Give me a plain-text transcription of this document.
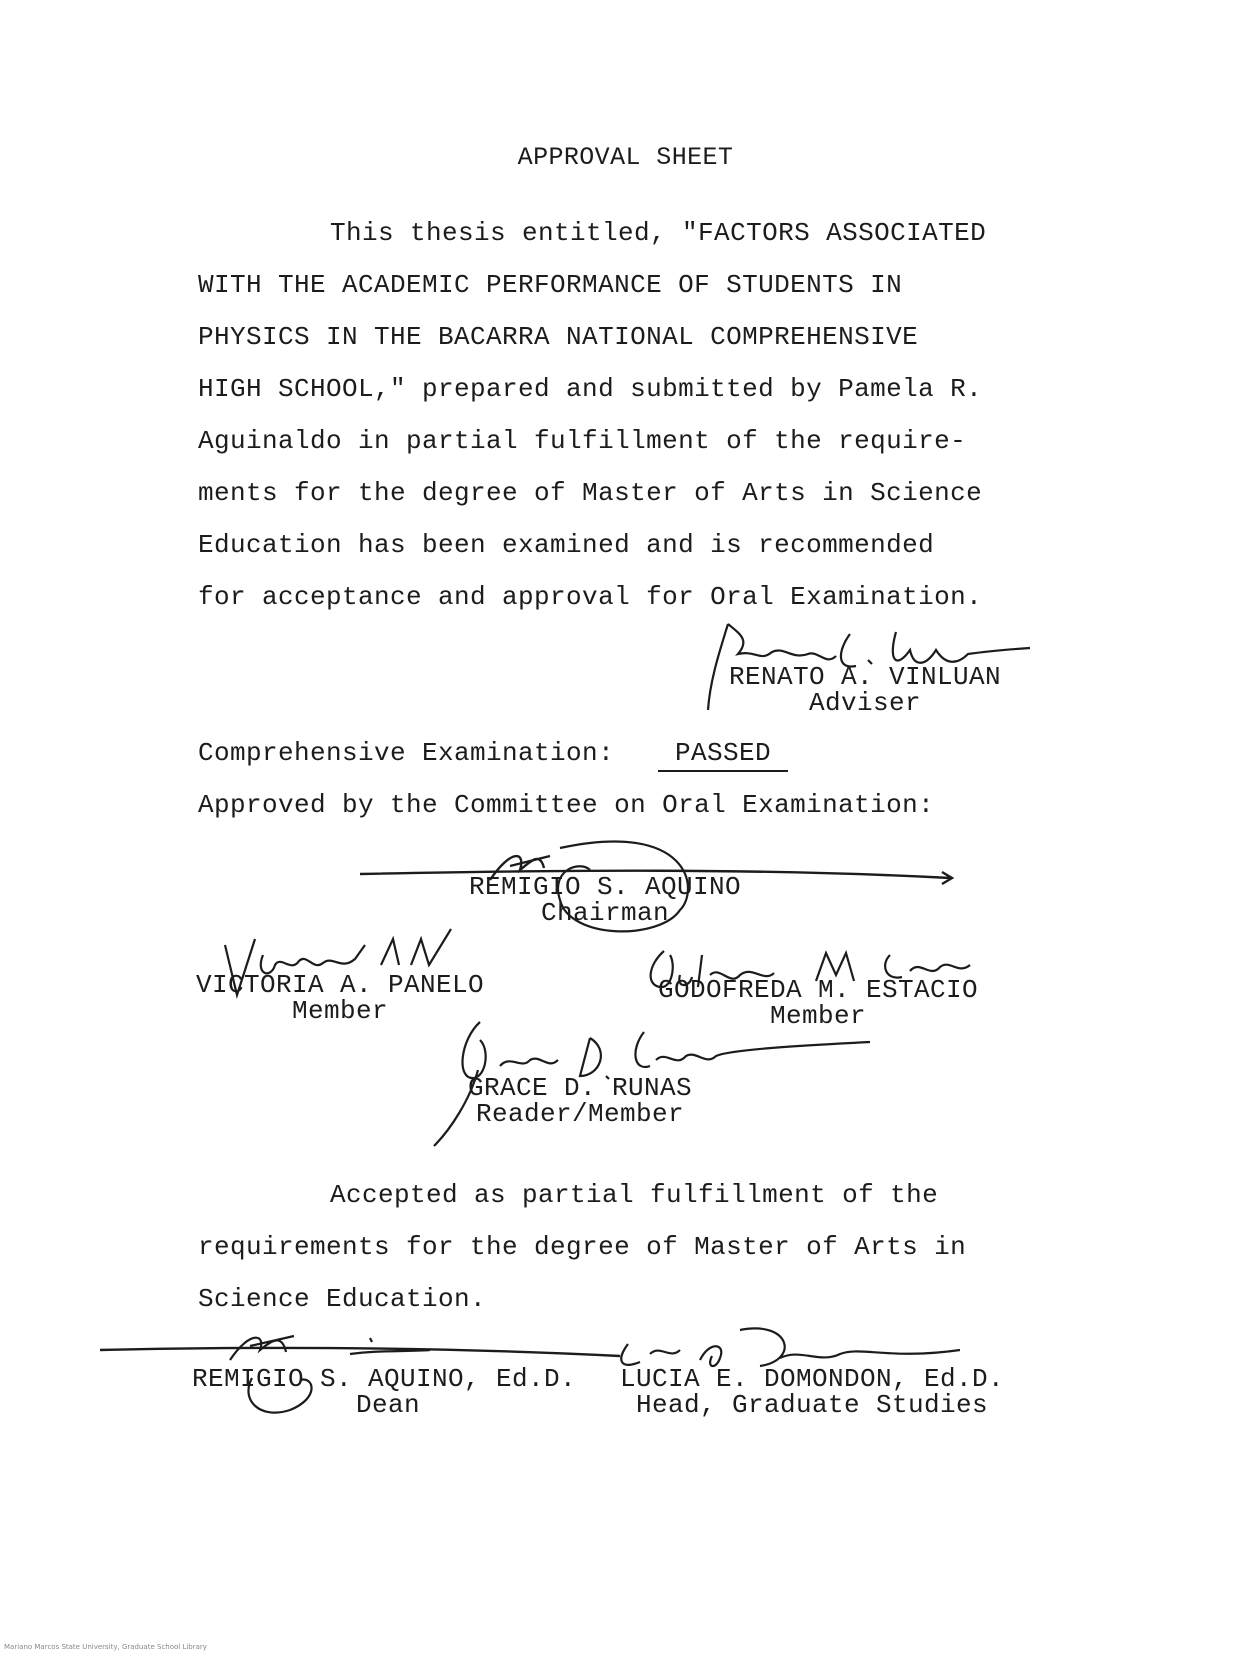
APPROVAL SHEET
This thesis entitled, "FACTORS ASSOCIATED
WITH THE ACADEMIC PERFORMANCE OF STUDENTS IN
PHYSICS IN THE BACARRA NATIONAL COMPREHENSIVE
HIGH SCHOOL," prepared and submitted by Pamela R.
Aguinaldo in partial fulfillment of the require-
ments for the degree of Master of Arts in Science
Education has been examined and is recommended
for acceptance and approval for Oral Examination.
RENATO A. VINLUAN
Adviser
Comprehensive Examination: PASSED
Approved by the Committee on Oral Examination:
REMIGIO S. AQUINO
Chairman
VICTORIA A. PANELO
Member
GODOFREDA M. ESTACIO
Member
GRACE D. RUNAS
Reader/Member
Accepted as partial fulfillment of the
requirements for the degree of Master of Arts in
Science Education.
REMIGIO S. AQUINO, Ed.D.
Dean
LUCIA E. DOMONDON, Ed.D.
Head, Graduate Studies
Mariano Marcos State University, Graduate School Library
